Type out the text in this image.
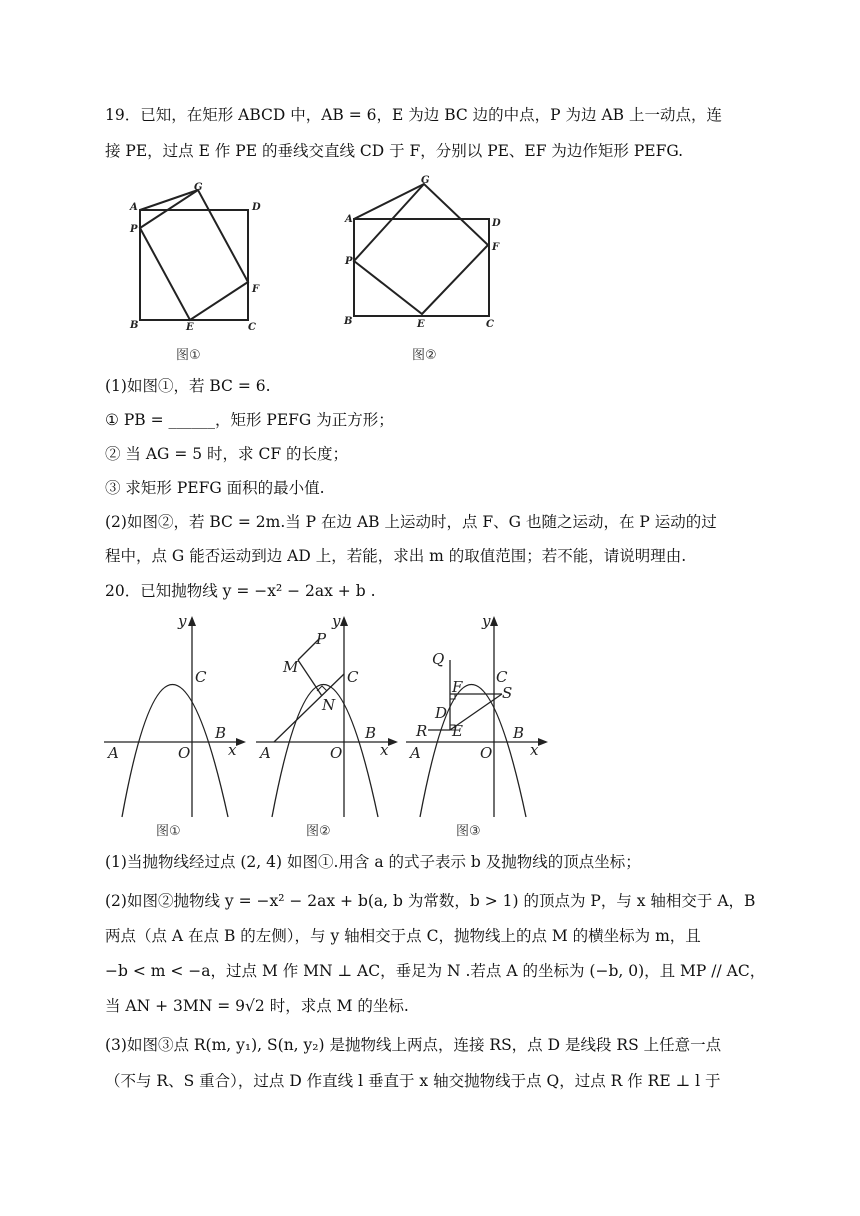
19．已知，在矩形 ABCD 中，AB = 6，E 为边 BC 边的中点，P 为边 AB 上一动点，连
接 PE，过点 E 作 PE 的垂线交直线 CD 于 F，分别以 PE、EF 为边作矩形 PEFG.
A	D
G
P
F
B	E	C
图①
A	D
G
P
F
B	E	C
图②
(1)如图①，若 BC = 6.
① PB = ______，矩形 PEFG 为正方形；
② 当 AG = 5 时，求 CF 的长度；
③ 求矩形 PEFG 面积的最小值.
(2)如图②，若 BC = 2m.当 P 在边 AB 上运动时，点 F、G 也随之运动，在 P 运动的过
程中，点 G 能否运动到边 AD 上，若能，求出 m 的取值范围；若不能，请说明理由.
20．已知抛物线 y = −x² − 2ax + b .
y
x
A	O
B
C
图①
y
x
A	O
B
C
P
M
N
图②
y
x
A	O
B
C
Q
F	S
D
R E
图③
(1)当抛物线经过点 (2, 4) 如图①.用含 a 的式子表示 b 及抛物线的顶点坐标；
(2)如图②抛物线 y = −x² − 2ax + b(a, b 为常数，b > 1) 的顶点为 P，与 x 轴相交于 A，B
两点（点 A 在点 B 的左侧），与 y 轴相交于点 C，抛物线上的点 M 的横坐标为 m，且
−b < m < −a，过点 M 作 MN ⊥ AC，垂足为 N .若点 A 的坐标为 (−b, 0)，且 MP // AC，
当 AN + 3MN = 9√2 时，求点 M 的坐标.
(3)如图③点 R(m, y₁), S(n, y₂) 是抛物线上两点，连接 RS，点 D 是线段 RS 上任意一点
（不与 R、S 重合），过点 D 作直线 l 垂直于 x 轴交抛物线于点 Q，过点 R 作 RE ⊥ l 于
